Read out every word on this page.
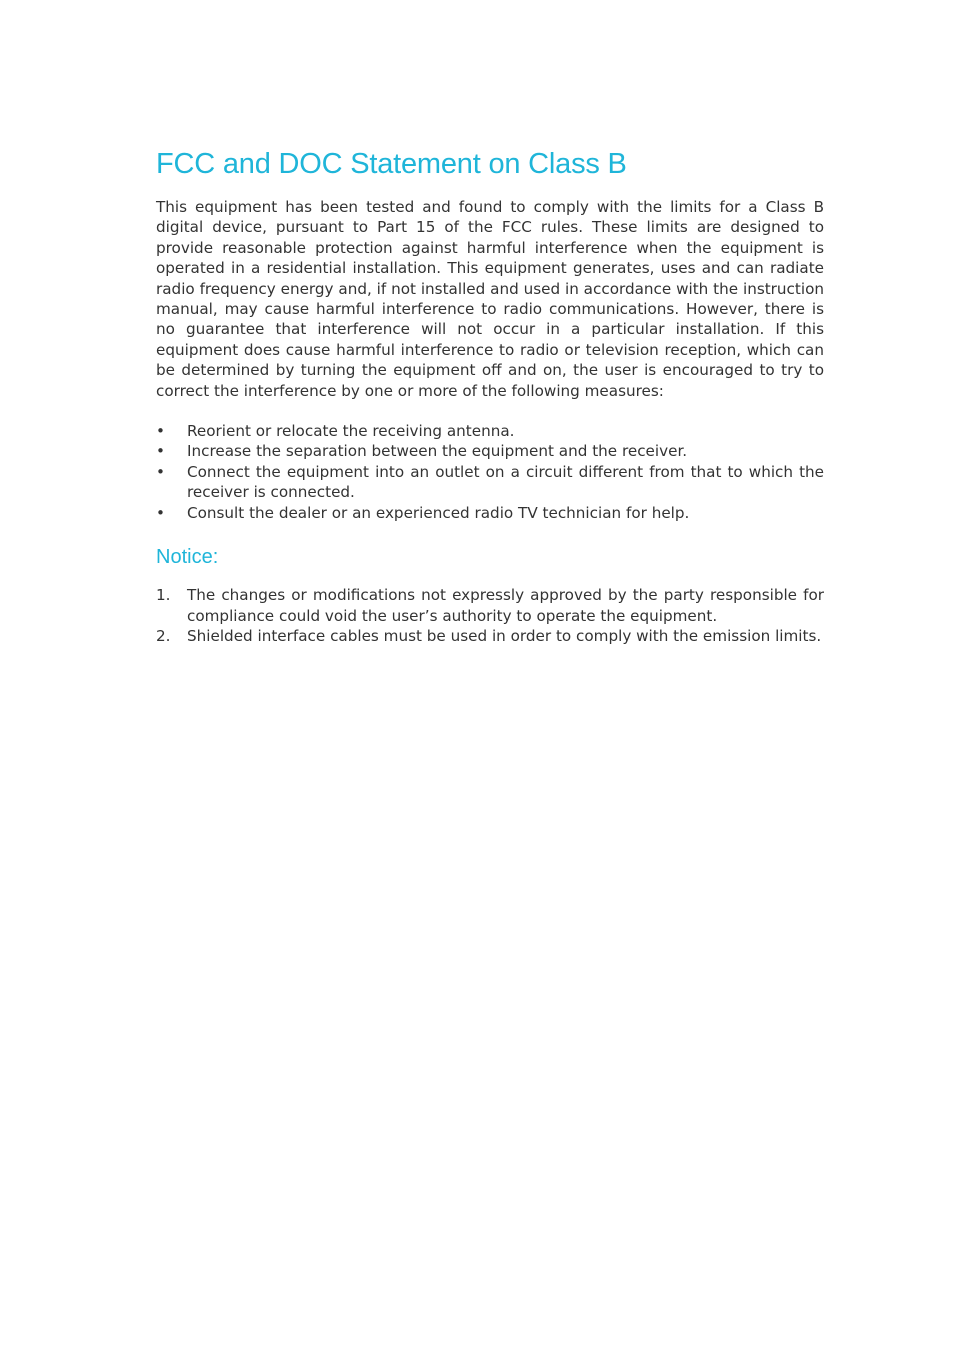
FCC and DOC Statement on Class B

This equipment has been tested and found to comply with the limits for a Class B digital device, pursuant to Part 15 of the FCC rules. These limits are designed to provide reasonable protection against harmful interference when the equipment is operated in a residential installation. This equipment generates, uses and can radiate radio frequency energy and, if not installed and used in accordance with the instruction manual, may cause harmful interference to radio communications. However, there is no guarantee that interference will not occur in a particular installation. If this equipment does cause harmful interference to radio or television reception, which can be determined by turning the equipment off and on, the user is encouraged to try to correct the interference by one or more of the following measures:

• Reorient or relocate the receiving antenna.
• Increase the separation between the equipment and the receiver.
• Connect the equipment into an outlet on a circuit different from that to which the receiver is connected.
• Consult the dealer or an experienced radio TV technician for help.
Notice:
1. The changes or modifications not expressly approved by the party responsible for compliance could void the user’s authority to operate the equipment.
2. Shielded interface cables must be used in order to comply with the emission limits.
